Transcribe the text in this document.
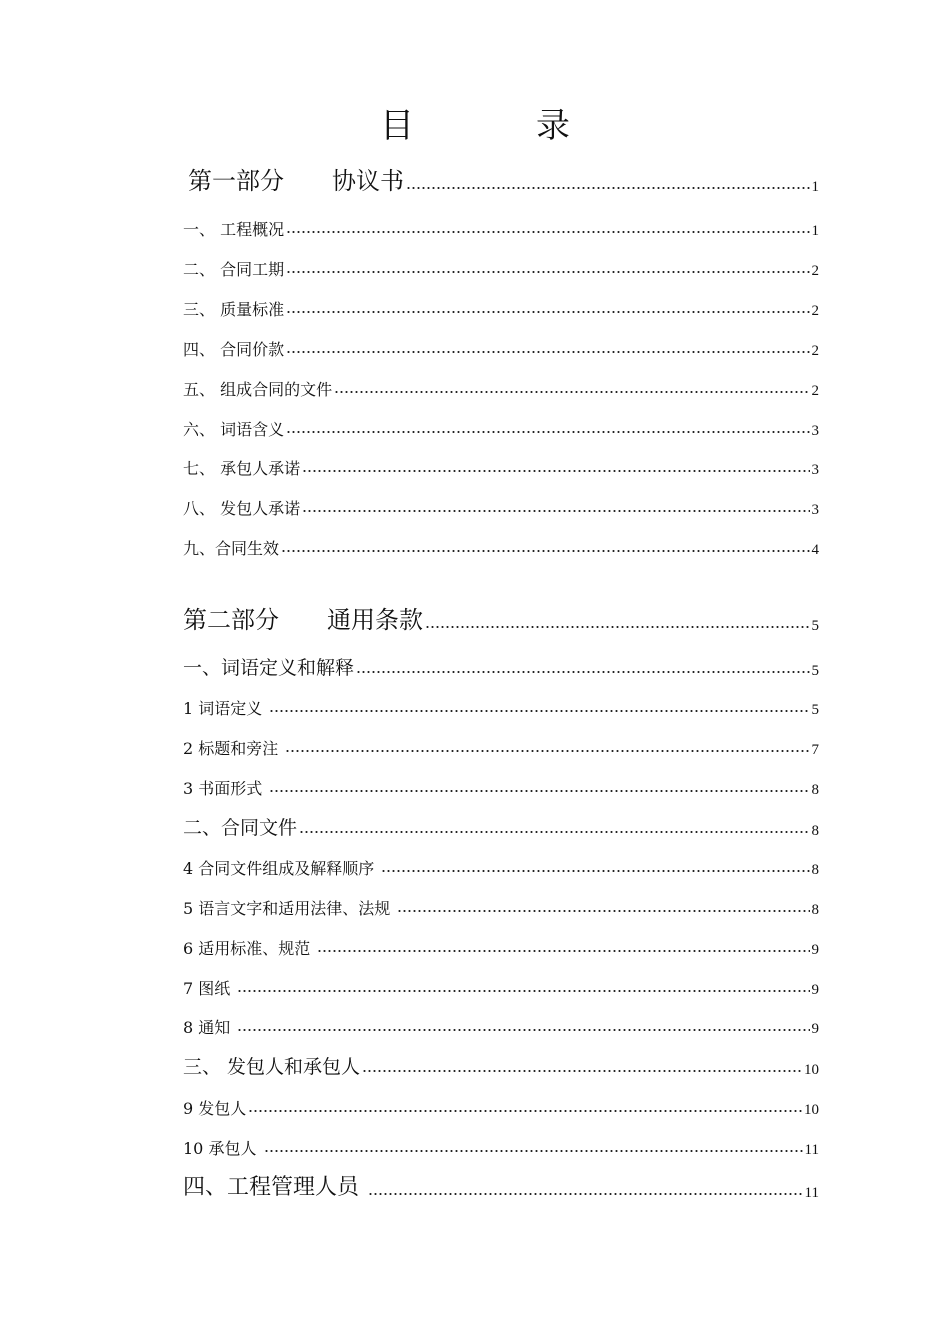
目　录
第一部分　　协议书	1
一、 工程概况	1
二、 合同工期	2
三、 质量标准	2
四、 合同价款	2
五、 组成合同的文件	2
六、 词语含义	3
七、 承包人承诺	3
八、 发包人承诺	3
九、合同生效	4
第二部分　　通用条款	5
一、词语定义和解释	5
1 词语定义	5
2 标题和旁注	7
3 书面形式	8
二、合同文件	8
4 合同文件组成及解释顺序	8
5 语言文字和适用法律、法规	8
6 适用标准、规范	9
7 图纸	9
8 通知	9
三、 发包人和承包人	10
9 发包人	10
10 承包人	11
四、工程管理人员	11
